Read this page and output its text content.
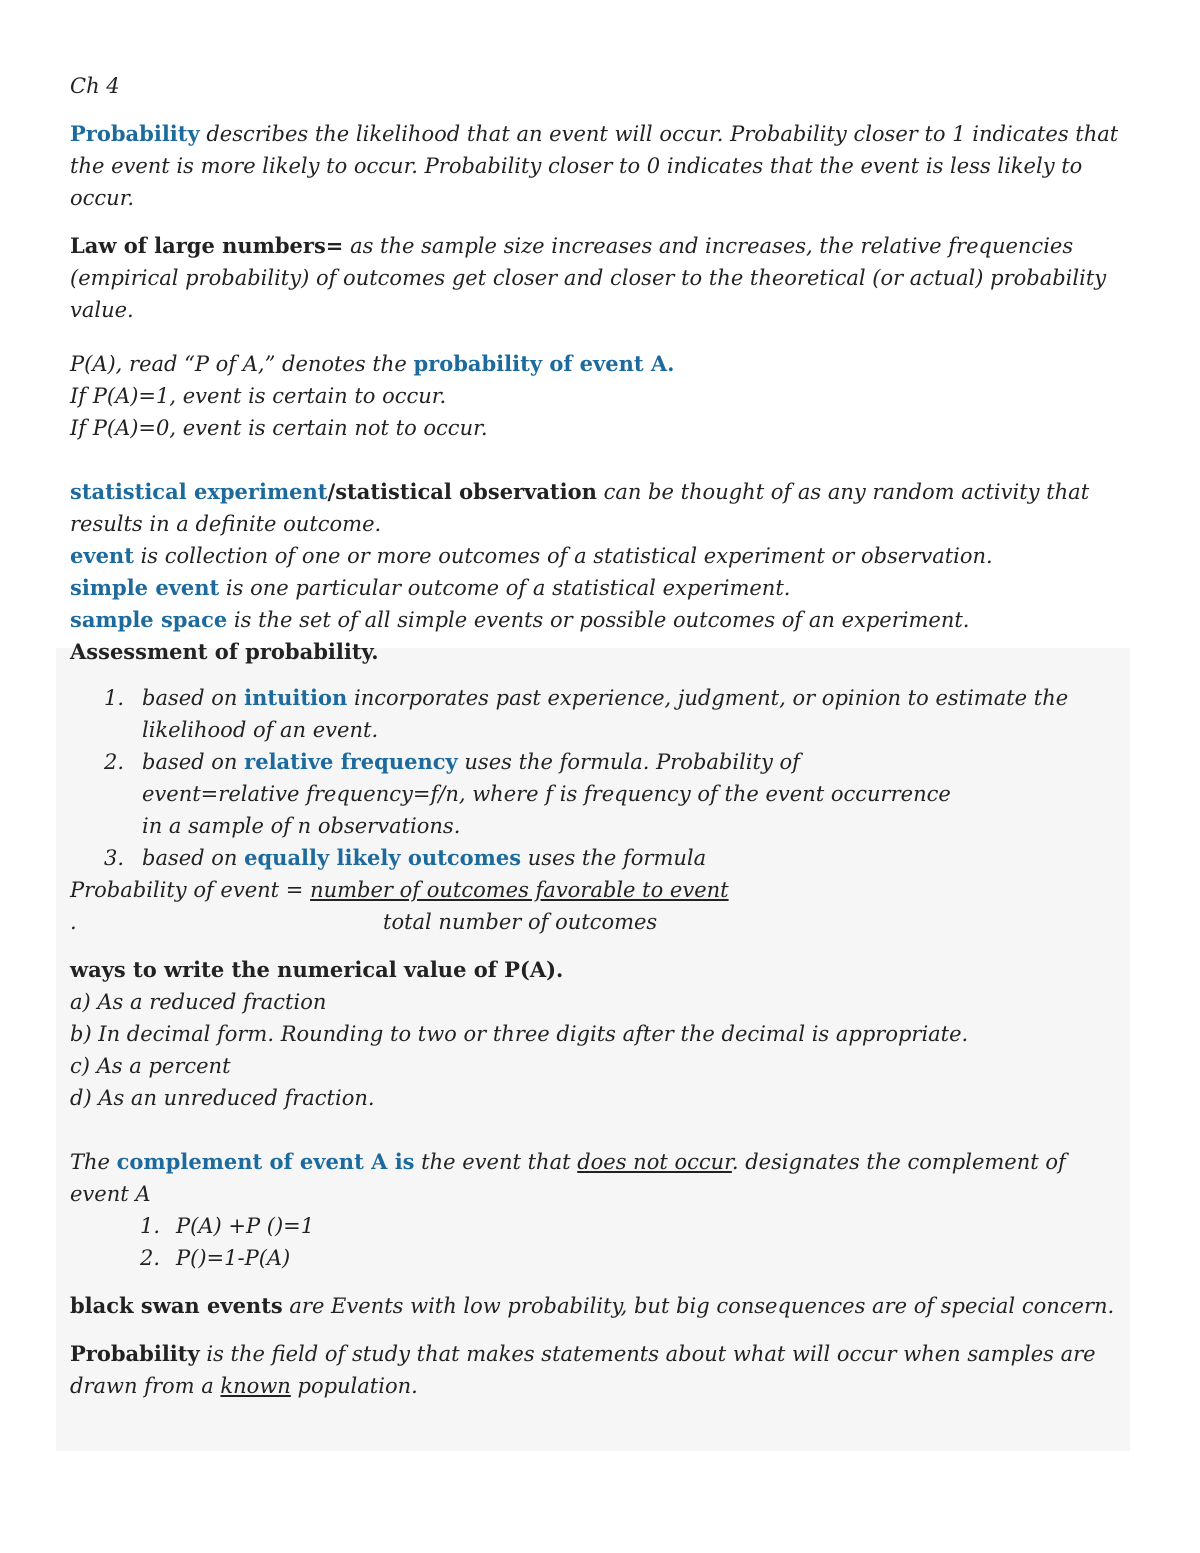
Ch 4

Probability describes the likelihood that an event will occur. Probability closer to 1 indicates that the event is more likely to occur. Probability closer to 0 indicates that the event is less likely to occur.

Law of large numbers= as the sample size increases and increases, the relative frequencies (empirical probability) of outcomes get closer and closer to the theoretical (or actual) probability value.

P(A), read “P of A,” denotes the probability of event A.

If P(A)=1, event is certain to occur.

If P(A)=0, event is certain not to occur.

statistical experiment/statistical observation can be thought of as any random activity that results in a definite outcome.

event is collection of one or more outcomes of a statistical experiment or observation.

simple event is one particular outcome of a statistical experiment.

sample space is the set of all simple events or possible outcomes of an experiment.

Assessment of probability.

1. based on intuition incorporates past experience, judgment, or opinion to estimate the likelihood of an event.
2. based on relative frequency uses the formula. Probability of event=relative frequency=f/n, where f is frequency of the event occurrence in a sample of n observations.
3. based on equally likely outcomes uses the formula

Probability of event = number of outcomes favorable to event

.	total number of outcomes

ways to write the numerical value of P(A).

a) As a reduced fraction

b) In decimal form. Rounding to two or three digits after the decimal is appropriate.

c) As a percent

d) As an unreduced fraction.

The complement of event A is the event that does not occur. designates the complement of event A

1. P(A) +P ()=1
2. P()=1-P(A)

black swan events are Events with low probability, but big consequences are of special concern.

Probability is the field of study that makes statements about what will occur when samples are drawn from a known population.
